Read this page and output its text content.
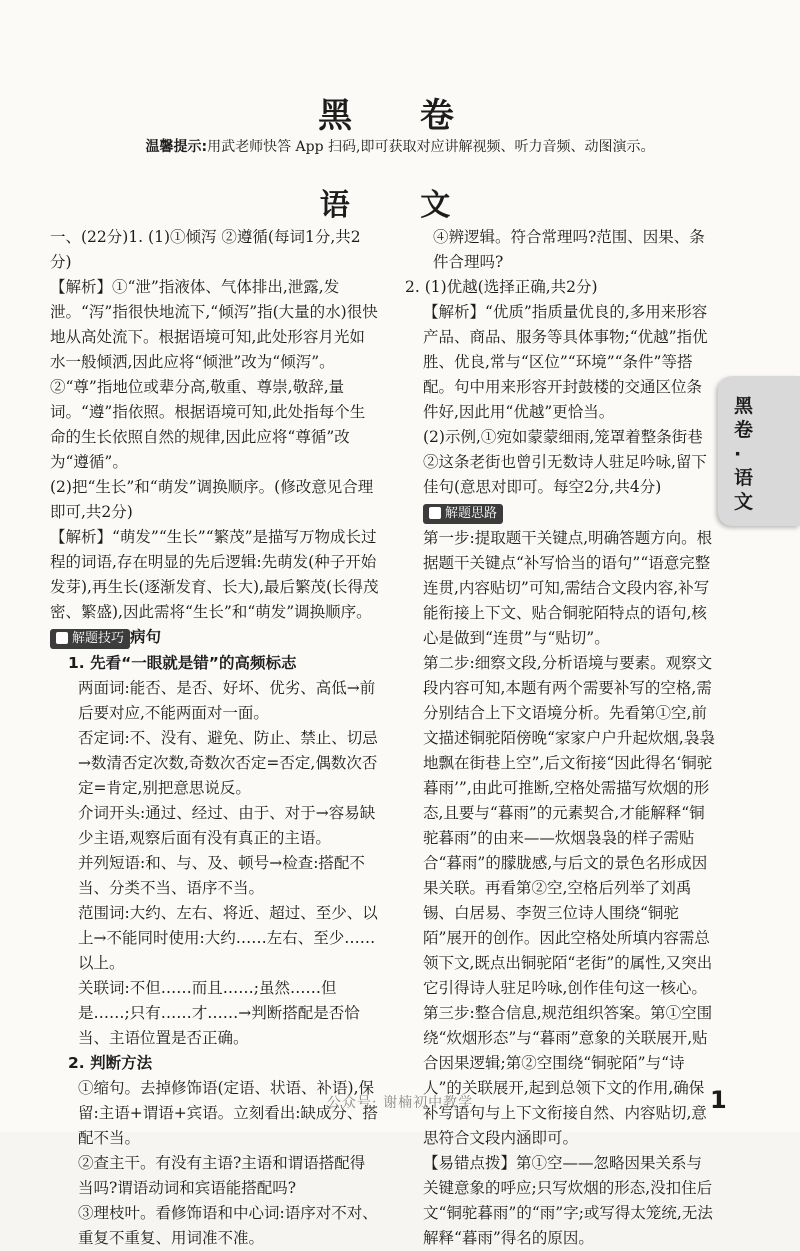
黑 卷
温馨提示:用武老师快答 App 扫码,即可获取对应讲解视频、听力音频、动图演示。
语 文

一、(22分)1. (1)①倾泻 ②遵循(每词1分,共2分)

【解析】①“泄”指液体、气体排出,泄露,发泄。“泻”指很快地流下,“倾泻”指(大量的水)很快地从高处流下。根据语境可知,此处形容月光如水一般倾洒,因此应将“倾泄”改为“倾泻”。②“尊”指地位或辈分高,敬重、尊崇,敬辞,量词。“遵”指依照。根据语境可知,此处指每个生命的生长依照自然的规律,因此应将“尊循”改为“遵循”。

(2)把“生长”和“萌发”调换顺序。(修改意见合理即可,共2分)

【解析】“萌发”“生长”“繁茂”是描写万物成长过程的词语,存在明显的先后逻辑:先萌发(种子开始发芽),再生长(逐渐发育、长大),最后繁茂(长得茂密、繁盛),因此需将“生长”和“萌发”调换顺序。

解题技巧 病句

1. 先看“一眼就是错”的高频标志

两面词:能否、是否、好坏、优劣、高低→前后要对应,不能两面对一面。

否定词:不、没有、避免、防止、禁止、切忌→数清否定次数,奇数次否定=否定,偶数次否定=肯定,别把意思说反。

介词开头:通过、经过、由于、对于→容易缺少主语,观察后面有没有真正的主语。

并列短语:和、与、及、顿号→检查:搭配不当、分类不当、语序不当。

范围词:大约、左右、将近、超过、至少、以上→不能同时使用:大约……左右、至少……以上。

关联词:不但……而且……;虽然……但是……;只有……才……→判断搭配是否恰当、主语位置是否正确。

2. 判断方法

①缩句。去掉修饰语(定语、状语、补语),保留:主语+谓语+宾语。立刻看出:缺成分、搭配不当。

②查主干。有没有主语?主语和谓语搭配得当吗?谓语动词和宾语能搭配吗?

③理枝叶。看修饰语和中心词:语序对不对、重复不重复、用词准不准。

④辨逻辑。符合常理吗?范围、因果、条件合理吗?

2. (1)优越(选择正确,共2分)

【解析】“优质”指质量优良的,多用来形容产品、商品、服务等具体事物;“优越”指优胜、优良,常与“区位”“环境”“条件”等搭配。句中用来形容开封鼓楼的交通区位条件好,因此用“优越”更恰当。

(2)示例,①宛如蒙蒙细雨,笼罩着整条街巷

②这条老街也曾引无数诗人驻足吟咏,留下佳句(意思对即可。每空2分,共4分)

解题思路

第一步:提取题干关键点,明确答题方向。根据题干关键点“补写恰当的语句”“语意完整连贯,内容贴切”可知,需结合文段内容,补写能衔接上下文、贴合铜驼陌特点的语句,核心是做到“连贯”与“贴切”。

第二步:细察文段,分析语境与要素。观察文段内容可知,本题有两个需要补写的空格,需分别结合上下文语境分析。先看第①空,前文描述铜驼陌傍晚“家家户户升起炊烟,袅袅地飘在街巷上空”,后文衔接“因此得名‘铜驼暮雨’”,由此可推断,空格处需描写炊烟的形态,且要与“暮雨”的元素契合,才能解释“铜驼暮雨”的由来——炊烟袅袅的样子需贴合“暮雨”的朦胧感,与后文的景色名形成因果关联。再看第②空,空格后列举了刘禹锡、白居易、李贺三位诗人围绕“铜驼陌”展开的创作。因此空格处所填内容需总领下文,既点出铜驼陌“老街”的属性,又突出它引得诗人驻足吟咏,创作佳句这一核心。

第三步:整合信息,规范组织答案。第①空围绕“炊烟形态”与“暮雨”意象的关联展开,贴合因果逻辑;第②空围绕“铜驼陌”与“诗人”的关联展开,起到总领下文的作用,确保补写语句与上下文衔接自然、内容贴切,意思符合文段内涵即可。

【易错点拨】第①空——忽略因果关系与关键意象的呼应;只写炊烟的形态,没扣住后文“铜驼暮雨”的“雨”字;或写得太笼统,无法解释“暮雨”得名的原因。

黑卷·语文
公众号: 谢楠初中教学	1
